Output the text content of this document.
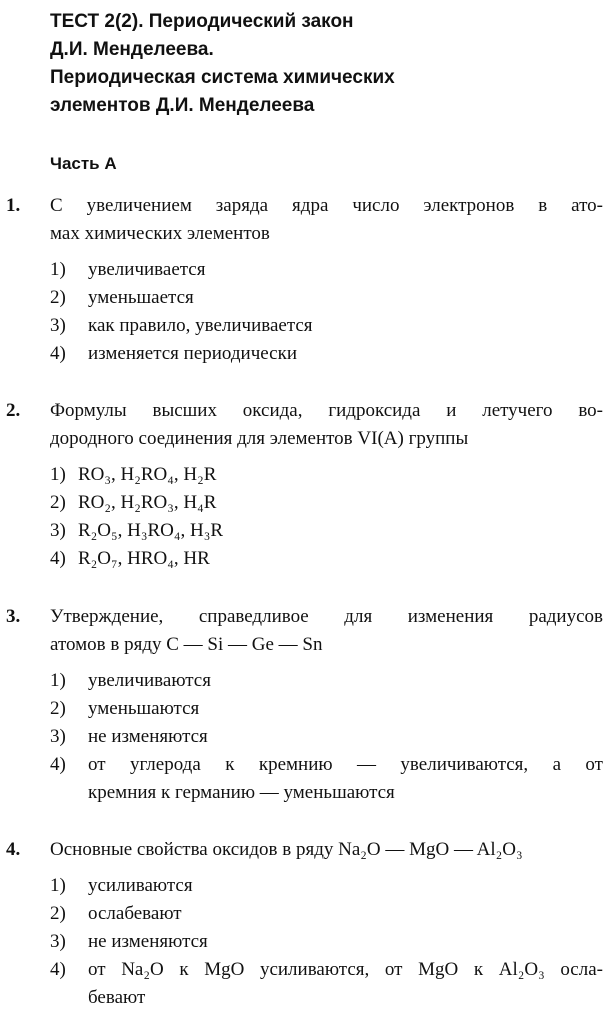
ТЕСТ 2(2). Периодический закон
Д.И. Менделеева.
Периодическая система химических
элементов Д.И. Менделеева
Часть А
1. С увеличением заряда ядра число электронов в ато-
мах химических элементов
1)	увеличивается
2)	уменьшается
3)	как правило, увеличивается
4)	изменяется периодически
2. Формулы высших оксида, гидроксида и летучего во-
дородного соединения для элементов VI(A) группы
1) RO₃, H₂RO₄, H₂R
2) RO₂, H₂RO₃, H₄R
3) R₂O₅, H₃RO₄, H₃R
4) R₂O₇, HRO₄, HR
3. Утверждение, справедливое для изменения радиусов
атомов в ряду C — Si — Ge — Sn
1)	увеличиваются
2)	уменьшаются
3)	не изменяются
4)	от углерода к кремнию — увеличиваются, а от
кремния к германию — уменьшаются
4. Основные свойства оксидов в ряду Na₂O — MgO — Al₂O₃
1)	усиливаются
2)	ослабевают
3)	не изменяются
4)	от Na₂O к MgO усиливаются, от MgO к Al₂O₃ осла-
бевают
